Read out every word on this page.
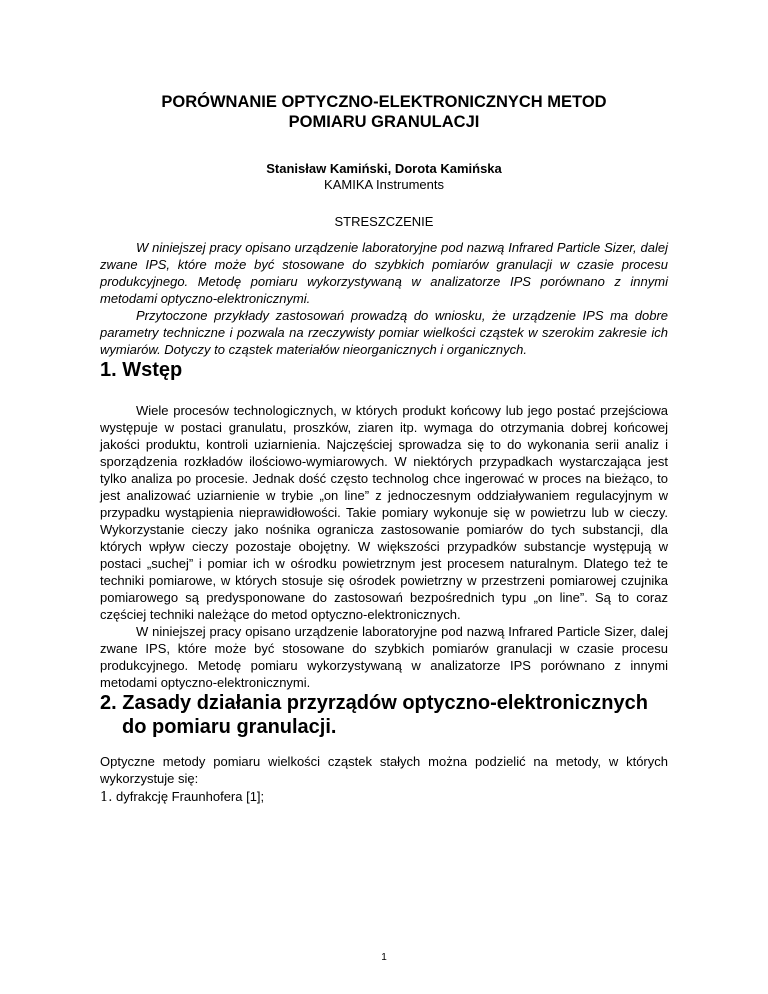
PORÓWNANIE OPTYCZNO-ELEKTRONICZNYCH METOD
POMIARU GRANULACJI
Stanisław Kamiński, Dorota Kamińska
KAMIKA Instruments
STRESZCZENIE

W niniejszej pracy opisano urządzenie laboratoryjne pod nazwą Infrared Particle Sizer, dalej zwane IPS, które może być stosowane do szybkich pomiarów granulacji w czasie procesu produkcyjnego. Metodę pomiaru wykorzystywaną w analizatorze IPS porównano z innymi metodami optyczno-elektronicznymi.

Przytoczone przykłady zastosowań prowadzą do wniosku, że urządzenie IPS ma dobre parametry techniczne i pozwala na rzeczywisty pomiar wielkości cząstek w szerokim zakresie ich wymiarów. Dotyczy to cząstek materiałów nieorganicznych i organicznych.

1. Wstęp

Wiele procesów technologicznych, w których produkt końcowy lub jego postać przejściowa występuje w postaci granulatu, proszków, ziaren itp. wymaga do otrzymania dobrej końcowej jakości produktu, kontroli uziarnienia. Najczęściej sprowadza się to do wykonania serii analiz i sporządzenia rozkładów ilościowo-wymiarowych. W niektórych przypadkach wystarczająca jest tylko analiza po procesie. Jednak dość często technolog chce ingerować w proces na bieżąco, to jest analizować uziarnienie w trybie „on line” z jednoczesnym oddziaływaniem regulacyjnym w przypadku wystąpienia nieprawidłowości. Takie pomiary wykonuje się w powietrzu lub w cieczy. Wykorzystanie cieczy jako nośnika ogranicza zastosowanie pomiarów do tych substancji, dla których wpływ cieczy pozostaje obojętny. W większości przypadków substancje występują w postaci „suchej” i pomiar ich w ośrodku powietrznym jest procesem naturalnym. Dlatego też te techniki pomiarowe, w których stosuje się ośrodek powietrzny w przestrzeni pomiarowej czujnika pomiarowego są predysponowane do zastosowań bezpośrednich typu „on line”. Są to coraz częściej techniki należące do metod optyczno-elektronicznych.

W niniejszej pracy opisano urządzenie laboratoryjne pod nazwą Infrared Particle Sizer, dalej zwane IPS, które może być stosowane do szybkich pomiarów granulacji w czasie procesu produkcyjnego. Metodę pomiaru wykorzystywaną w analizatorze IPS porównano z innymi metodami optyczno-elektronicznymi.

2. Zasady działania przyrządów optyczno-elektronicznych
do pomiaru granulacji.

Optyczne metody pomiaru wielkości cząstek stałych można podzielić na metody, w których wykorzystuje się:

1. dyfrakcję Fraunhofera [1];
1
